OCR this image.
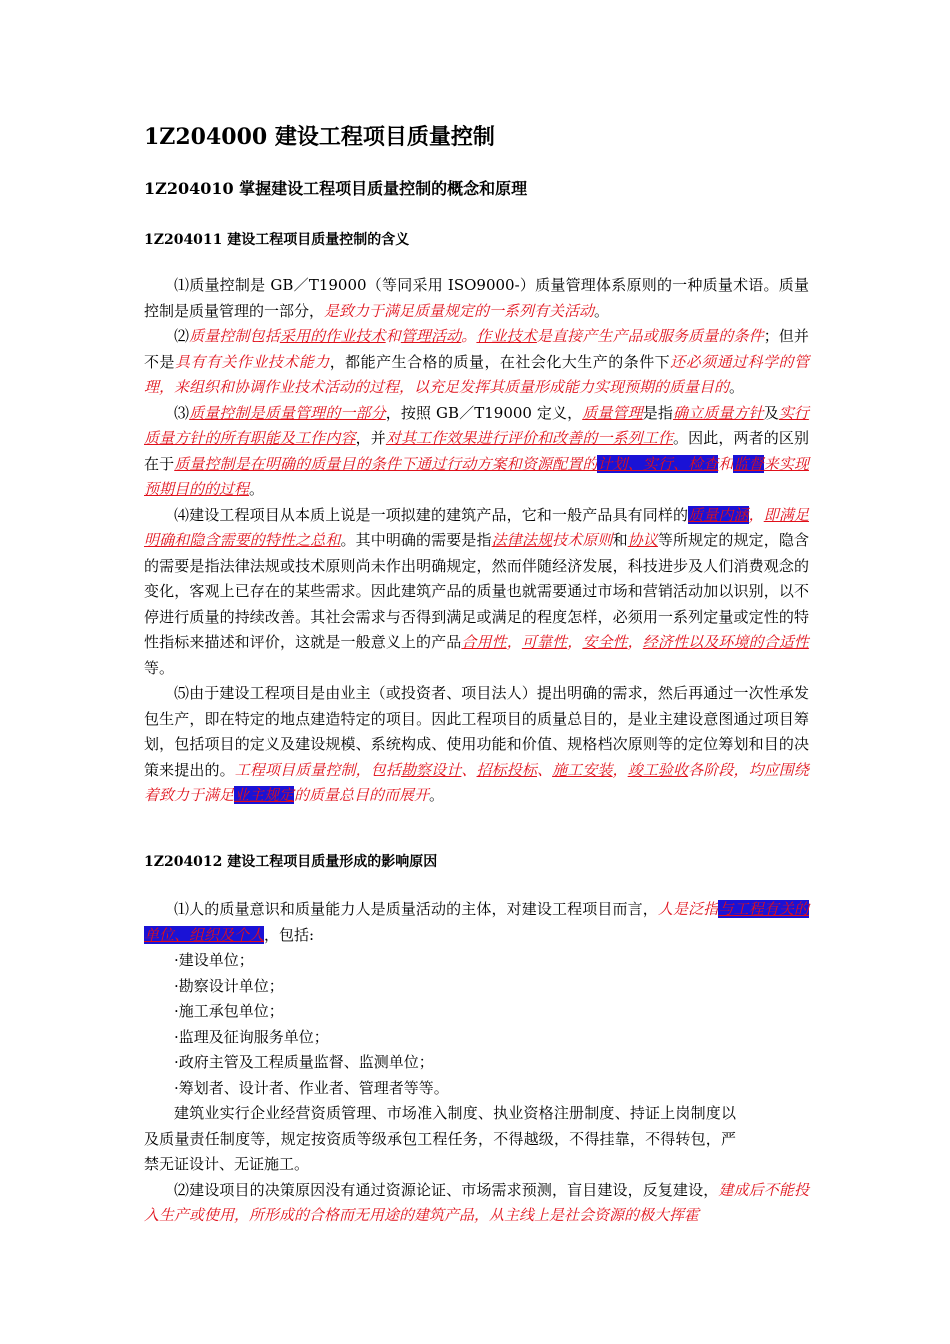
1Z204000 建设工程项目质量控制
1Z204010 掌握建设工程项目质量控制的概念和原理
1Z204011 建设工程项目质量控制的含义

⑴质量控制是 GB／T19000（等同采用 ISO9000-）质量管理体系原则的一种质量术语。质量控制是质量管理的一部分，是致力于满足质量规定的一系列有关活动。

⑵质量控制包括采用的作业技术和管理活动。作业技术是直接产生产品或服务质量的条件；但并不是具有有关作业技术能力，都能产生合格的质量，在社会化大生产的条件下还必须通过科学的管理，来组织和协调作业技术活动的过程，以充足发挥其质量形成能力实现预期的质量目的。

⑶质量控制是质量管理的一部分，按照 GB／T19000 定义，质量管理是指确立质量方针及实行质量方针的所有职能及工作内容，并对其工作效果进行评价和改善的一系列工作。因此，两者的区别在于质量控制是在明确的质量目的条件下通过行动方案和资源配置的计划、实行、检查和监督来实现预期目的的过程。

⑷建设工程项目从本质上说是一项拟建的建筑产品，它和一般产品具有同样的质量内涵，即满足明确和隐含需要的特性之总和。其中明确的需要是指法律法规技术原则和协议等所规定的规定，隐含的需要是指法律法规或技术原则尚未作出明确规定，然而伴随经济发展，科技进步及人们消费观念的变化，客观上已存在的某些需求。因此建筑产品的质量也就需要通过市场和营销活动加以识别，以不停进行质量的持续改善。其社会需求与否得到满足或满足的程度怎样，必须用一系列定量或定性的特性指标来描述和评价，这就是一般意义上的产品合用性，可靠性，安全性，经济性以及环境的合适性等。

⑸由于建设工程项目是由业主（或投资者、项目法人）提出明确的需求，然后再通过一次性承发包生产，即在特定的地点建造特定的项目。因此工程项目的质量总目的，是业主建设意图通过项目筹划，包括项目的定义及建设规模、系统构成、使用功能和价值、规格档次原则等的定位筹划和目的决策来提出的。工程项目质量控制，包括勘察设计、招标投标、施工安装，竣工验收各阶段，均应围绕着致力于满足业主规定的质量总目的而展开。

1Z204012 建设工程项目质量形成的影响原因

⑴人的质量意识和质量能力人是质量活动的主体，对建设工程项目而言，人是泛指与工程有关的单位、组织及个人，包括:

·建设单位；

·勘察设计单位；

·施工承包单位；

·监理及征询服务单位；

·政府主管及工程质量监督、监测单位；

·筹划者、设计者、作业者、管理者等等。

建筑业实行企业经营资质管理、市场准入制度、执业资格注册制度、持证上岗制度以及质量责任制度等，规定按资质等级承包工程任务，不得越级，不得挂靠，不得转包，严禁无证设计、无证施工。

⑵建设项目的决策原因没有通过资源论证、市场需求预测，盲目建设，反复建设，建成后不能投入生产或使用，所形成的合格而无用途的建筑产品，从主线上是社会资源的极大挥霍
